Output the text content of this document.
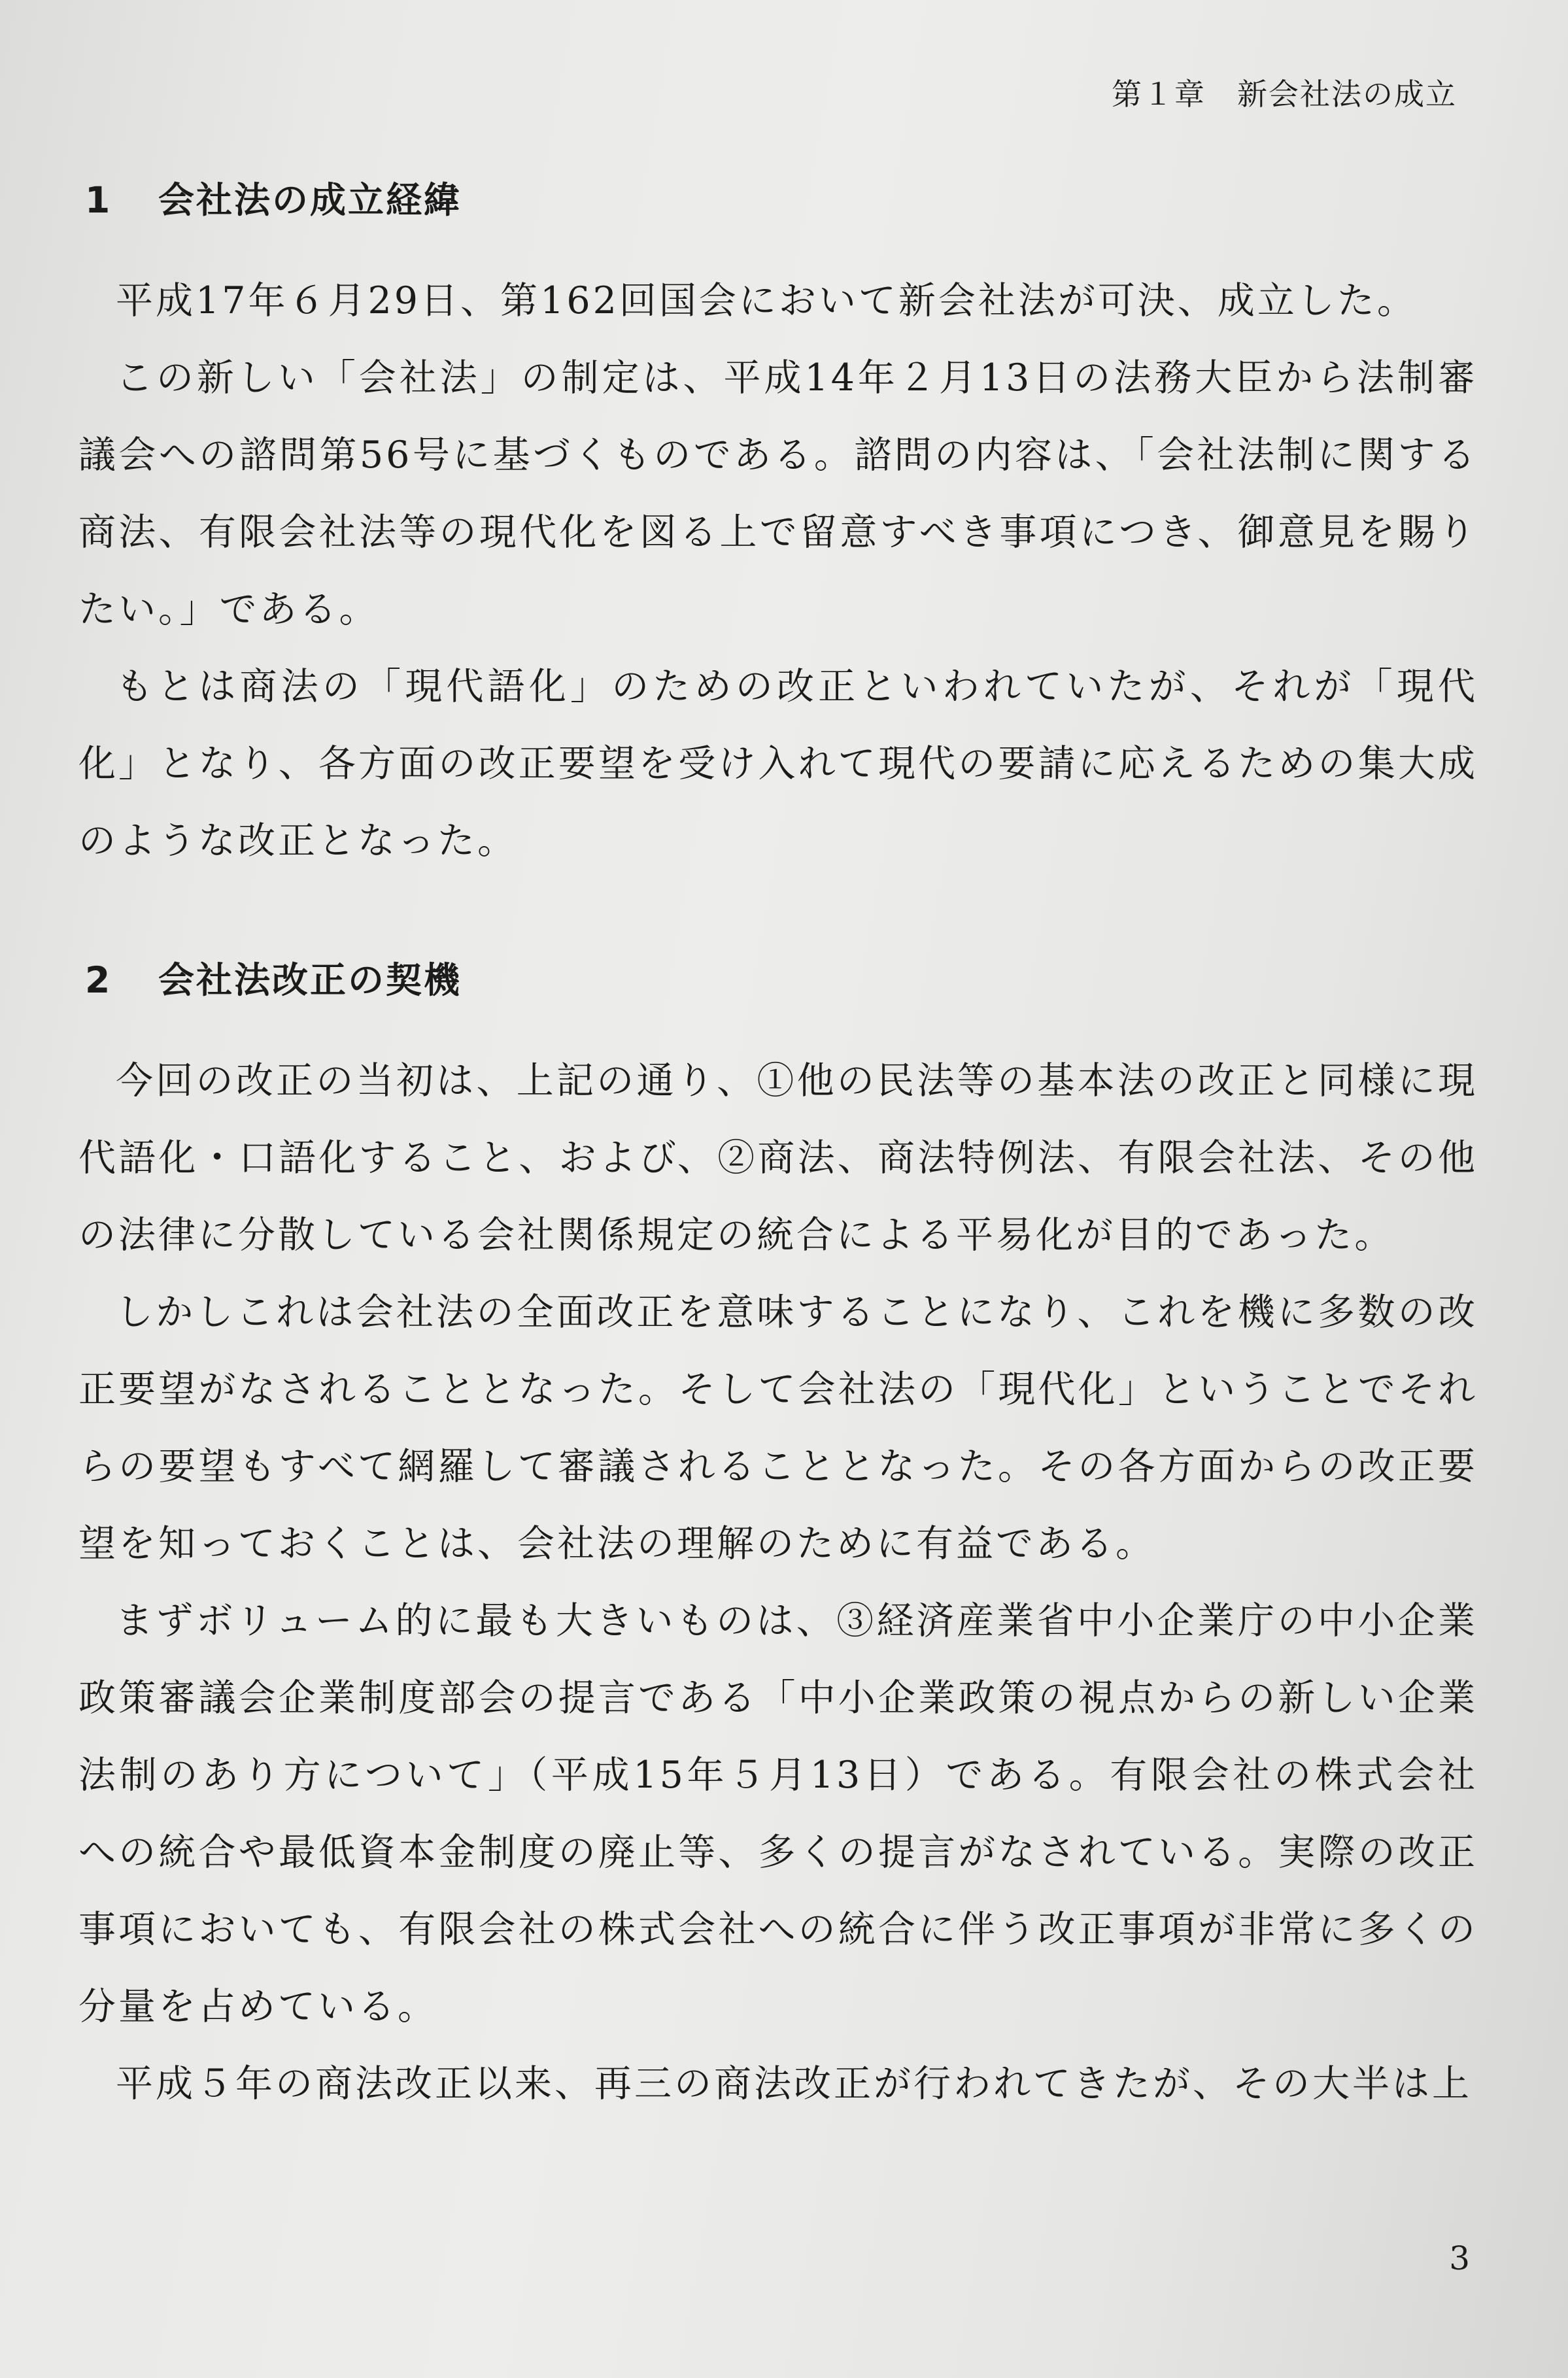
第１章　新会社法の成立
1 会社法の成立経緯

平成17年６月29日、第162回国会において新会社法が可決、成立した。

この新しい「会社法」の制定は、平成14年２月13日の法務大臣から法制審議会への諮問第56号に基づくものである。諮問の内容は、「会社法制に関する商法、有限会社法等の現代化を図る上で留意すべき事項につき、御意見を賜りたい。」である。

もとは商法の「現代語化」のための改正といわれていたが、それが「現代化」となり、各方面の改正要望を受け入れて現代の要請に応えるための集大成のような改正となった。

2 会社法改正の契機

今回の改正の当初は、上記の通り、①他の民法等の基本法の改正と同様に現代語化・口語化すること、および、②商法、商法特例法、有限会社法、その他の法律に分散している会社関係規定の統合による平易化が目的であった。

しかしこれは会社法の全面改正を意味することになり、これを機に多数の改正要望がなされることとなった。そして会社法の「現代化」ということでそれらの要望もすべて網羅して審議されることとなった。その各方面からの改正要望を知っておくことは、会社法の理解のために有益である。

まずボリューム的に最も大きいものは、③経済産業省中小企業庁の中小企業政策審議会企業制度部会の提言である「中小企業政策の視点からの新しい企業法制のあり方について」（平成15年５月13日）である。有限会社の株式会社への統合や最低資本金制度の廃止等、多くの提言がなされている。実際の改正事項においても、有限会社の株式会社への統合に伴う改正事項が非常に多くの分量を占めている。

平成５年の商法改正以来、再三の商法改正が行われてきたが、その大半は上

3
